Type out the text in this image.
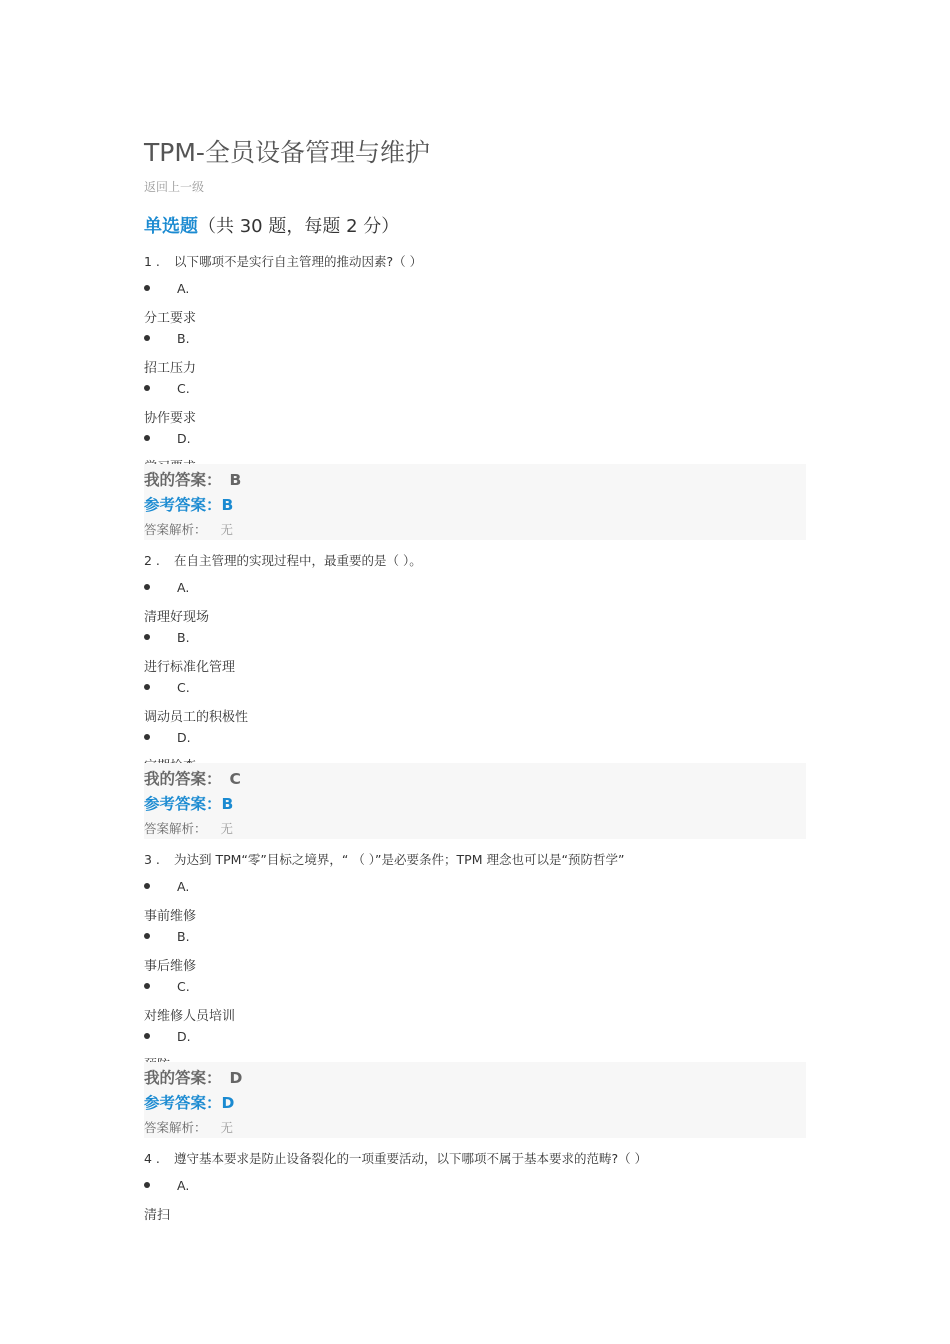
TPM-全员设备管理与维护
返回上一级
单选题（共 30 题，每题 2 分）
1 . 以下哪项不是实行自主管理的推动因素?（ ）
A.
分工要求
B.
招工压力
C.
协作要求
D.
我的答案： B
参考答案：B
答案解析： 无
2 . 在自主管理的实现过程中，最重要的是（ ）。
A.
清理好现场
B.
进行标准化管理
C.
调动员工的积极性
D.
我的答案： C
参考答案：B
答案解析： 无
3 . 为达到 TPM“零”目标之境界，“ （ ）”是必要条件；TPM 理念也可以是“预防哲学”
A.
事前维修
B.
事后维修
C.
对维修人员培训
D.
我的答案： D
参考答案：D
答案解析： 无
4 . 遵守基本要求是防止设备裂化的一项重要活动，以下哪项不属于基本要求的范畴?（ ）
A.
清扫
